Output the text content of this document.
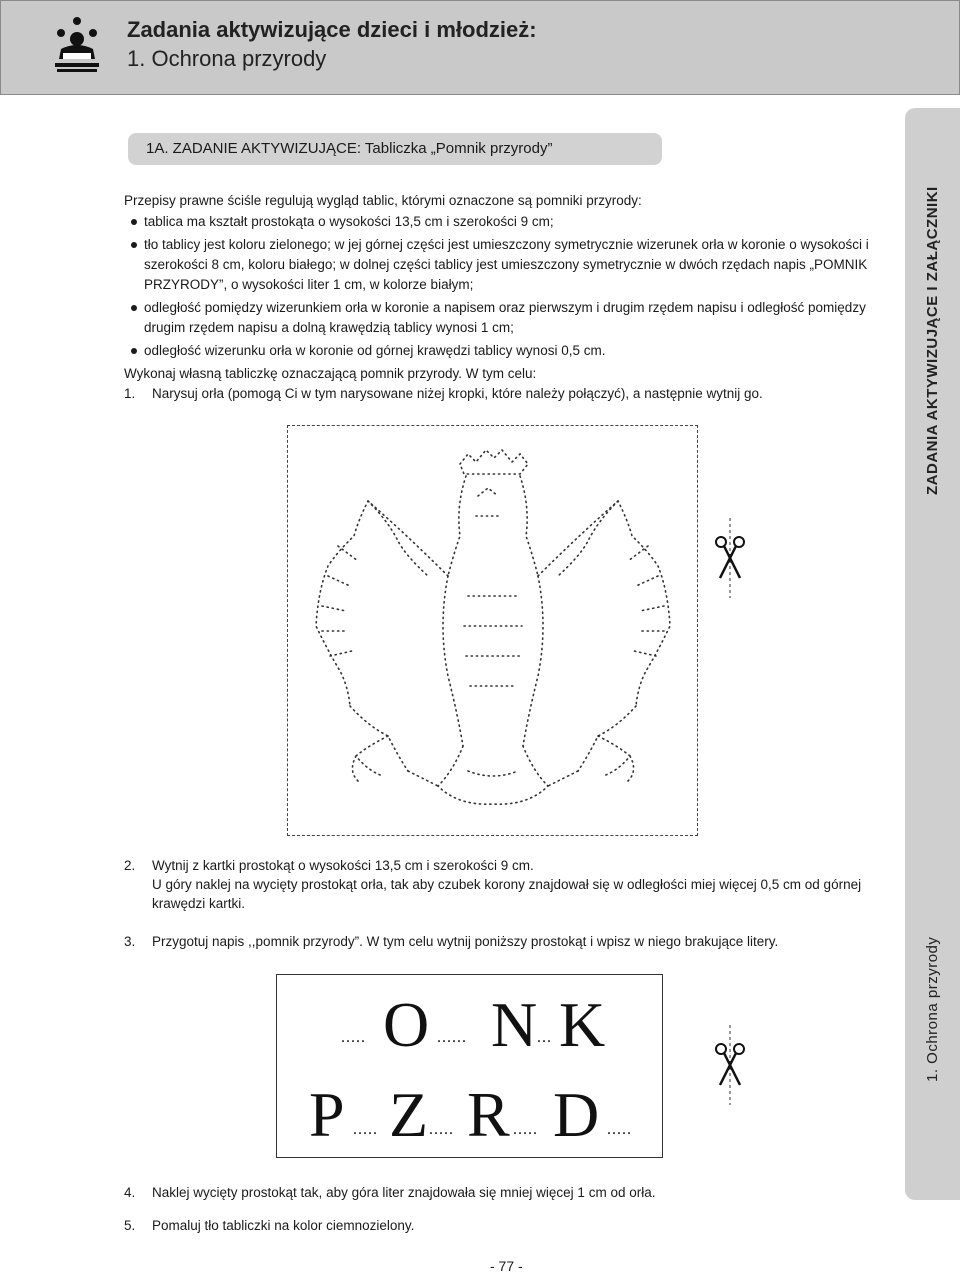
Zadania aktywizujące dzieci i młodzież:
1. Ochrona przyrody
ZADANIA AKTYWIZUJĄCE I ZAŁĄCZNIKI
1. Ochrona przyrody
1A. ZADANIE AKTYWIZUJĄCE: Tabliczka „Pomnik przyrody”
Przepisy prawne ściśle regulują wygląd tablic, którymi oznaczone są pomniki przyrody:
tablica ma kształt prostokąta o wysokości 13,5 cm i szerokości 9 cm;
tło tablicy jest koloru zielonego; w jej górnej części jest umieszczony symetrycznie wizerunek orła w koronie o wysokości i szerokości 8 cm, koloru białego; w dolnej części tablicy jest umieszczony symetrycznie w dwóch rzędach napis „POMNIK PRZYRODY”, o wysokości liter 1 cm, w kolorze białym;
odległość pomiędzy wizerunkiem orła w koronie a napisem oraz pierwszym i drugim rzędem napisu i odległość pomiędzy drugim rzędem napisu a dolną krawędzią tablicy wynosi 1 cm;
odległość wizerunku orła w koronie od górnej krawędzi tablicy wynosi 0,5 cm.
Wykonaj własną tabliczkę oznaczającą pomnik przyrody. W tym celu:
1. Narysuj orła (pomogą Ci w tym narysowane niżej kropki, które należy połączyć), a następnie wytnij go.
2. Wytnij z kartki prostokąt o wysokości 13,5 cm i szerokości 9 cm.
U góry naklej na wycięty prostokąt orła, tak aby czubek korony znajdował się w odległości miej więcej 0,5 cm od górnej krawędzi kartki.
3. Przygotuj napis ,,pomnik przyrody”. W tym celu wytnij poniższy prostokąt i wpisz w niego brakujące litery.
..... O ...... N ... K
P ..... Z ..... R ..... D .....
4. Naklej wycięty prostokąt tak, aby góra liter znajdowała się mniej więcej 1 cm od orła.
5. Pomaluj tło tabliczki na kolor ciemnozielony.
- 77 -
